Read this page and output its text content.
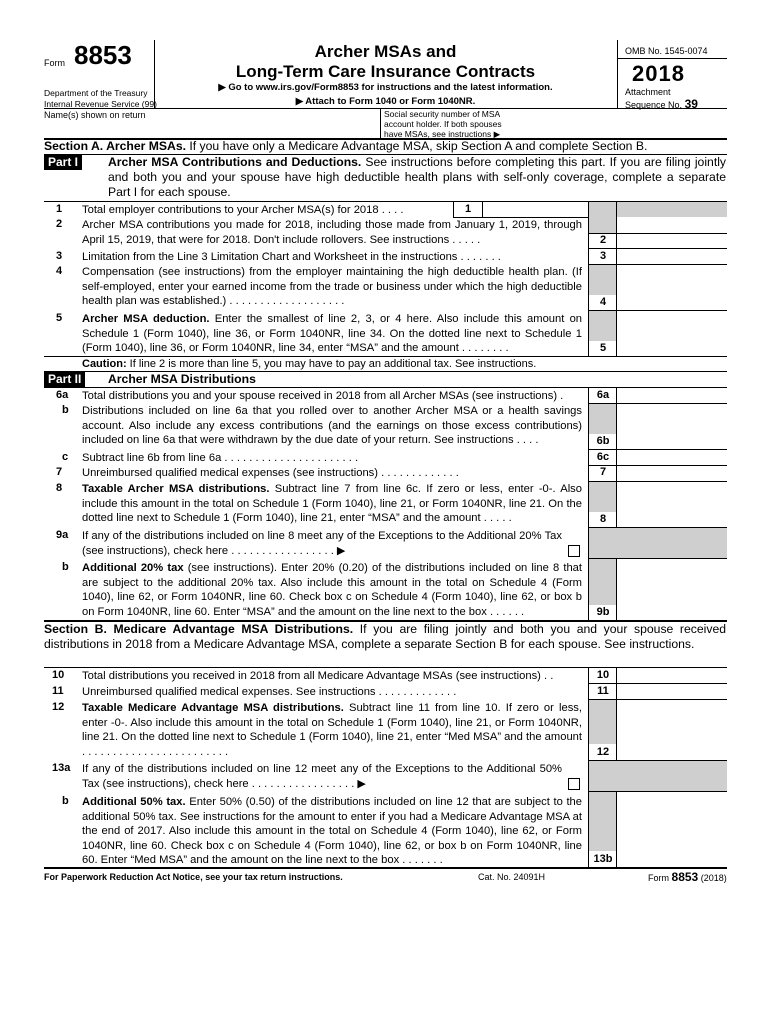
Form 8853
Department of the Treasury
Internal Revenue Service (99)
Archer MSAs and
Long-Term Care Insurance Contracts
▶ Go to www.irs.gov/Form8853 for instructions and the latest information.
▶ Attach to Form 1040 or Form 1040NR.
OMB No. 1545-0074
2018
Attachment
Sequence No. 39
Name(s) shown on return	Social security number of MSA account holder. If both spouses have MSAs, see instructions ▶
Section A. Archer MSAs. If you have only a Medicare Advantage MSA, skip Section A and complete Section B.
Part I	Archer MSA Contributions and Deductions. See instructions before completing this part. If you are filing jointly and both you and your spouse have high deductible health plans with self-only coverage, complete a separate Part I for each spouse.
1 Total employer contributions to your Archer MSA(s) for 2018 . . . .	1
2 Archer MSA contributions you made for 2018, including those made from January 1, 2019, through April 15, 2019, that were for 2018. Don't include rollovers. See instructions . . . . .	2
3 Limitation from the Line 3 Limitation Chart and Worksheet in the instructions . . . . . . .	3
4 Compensation (see instructions) from the employer maintaining the high deductible health plan. (If self-employed, enter your earned income from the trade or business under which the high deductible health plan was established.) . . . . . . . . . . . . . . . . . . .	4
5 Archer MSA deduction. Enter the smallest of line 2, 3, or 4 here. Also include this amount on Schedule 1 (Form 1040), line 36, or Form 1040NR, line 34. On the dotted line next to Schedule 1 (Form 1040), line 36, or Form 1040NR, line 34, enter “MSA” and the amount . . . . . . . .	5
Caution: If line 2 is more than line 5, you may have to pay an additional tax. See instructions.
Part II	Archer MSA Distributions
6a Total distributions you and your spouse received in 2018 from all Archer MSAs (see instructions) .	6a
b Distributions included on line 6a that you rolled over to another Archer MSA or a health savings account. Also include any excess contributions (and the earnings on those excess contributions) included on line 6a that were withdrawn by the due date of your return. See instructions . . . .	6b
c Subtract line 6b from line 6a . . . . . . . . . . . . . . . . . . . . . .	6c
7 Unreimbursed qualified medical expenses (see instructions) . . . . . . . . . . . . .	7
8 Taxable Archer MSA distributions. Subtract line 7 from line 6c. If zero or less, enter -0-. Also include this amount in the total on Schedule 1 (Form 1040), line 21, or Form 1040NR, line 21. On the dotted line next to Schedule 1 (Form 1040), line 21, enter “MSA” and the amount . . . . .	8
9a If any of the distributions included on line 8 meet any of the Exceptions to the Additional 20% Tax (see instructions), check here . . . . . . . . . . . . . . . . . ▶
b Additional 20% tax (see instructions). Enter 20% (0.20) of the distributions included on line 8 that are subject to the additional 20% tax. Also include this amount in the total on Schedule 4 (Form 1040), line 62, or Form 1040NR, line 60. Check box c on Schedule 4 (Form 1040), line 62, or box b on Form 1040NR, line 60. Enter “MSA” and the amount on the line next to the box . . . . . .	9b
Section B. Medicare Advantage MSA Distributions. If you are filing jointly and both you and your spouse received distributions in 2018 from a Medicare Advantage MSA, complete a separate Section B for each spouse. See instructions.
10 Total distributions you received in 2018 from all Medicare Advantage MSAs (see instructions) . .	10
11 Unreimbursed qualified medical expenses. See instructions . . . . . . . . . . . . .	11
12 Taxable Medicare Advantage MSA distributions. Subtract line 11 from line 10. If zero or less, enter -0-. Also include this amount in the total on Schedule 1 (Form 1040), line 21, or Form 1040NR, line 21. On the dotted line next to Schedule 1 (Form 1040), line 21, enter “Med MSA” and the amount . . . . . . . . . . . . . . . . . . . . . . . .	12
13a If any of the distributions included on line 12 meet any of the Exceptions to the Additional 50% Tax (see instructions), check here . . . . . . . . . . . . . . . . . ▶
b Additional 50% tax. Enter 50% (0.50) of the distributions included on line 12 that are subject to the additional 50% tax. See instructions for the amount to enter if you had a Medicare Advantage MSA at the end of 2017. Also include this amount in the total on Schedule 4 (Form 1040), line 62, or Form 1040NR, line 60. Check box c on Schedule 4 (Form 1040), line 62, or box b on Form 1040NR, line 60. Enter “Med MSA” and the amount on the line next to the box . . . . . . .	13b
For Paperwork Reduction Act Notice, see your tax return instructions.	Cat. No. 24091H	Form 8853 (2018)
